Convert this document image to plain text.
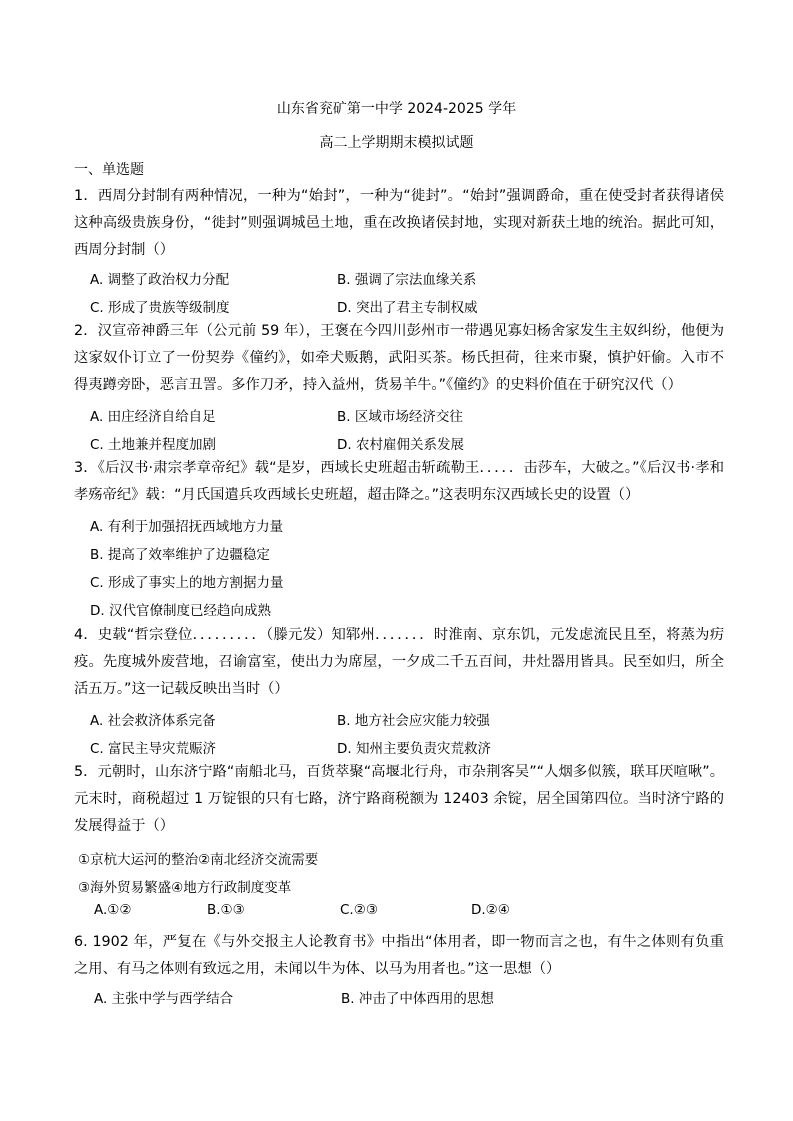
山东省兖矿第一中学 2024-2025 学年
高二上学期期末模拟试题
一、单选题
1．西周分封制有两种情况，一种为“始封”，一种为“徙封”。“始封”强调爵命，重在使受封者获得诸侯这种高级贵族身份，“徙封”则强调城邑土地，重在改换诸侯封地，实现对新获土地的统治。据此可知，西周分封制（）
A. 调整了政治权力分配	B. 强调了宗法血缘关系
C. 形成了贵族等级制度	D. 突出了君主专制权威
2．汉宣帝神爵三年（公元前 59 年），王褒在今四川彭州市一带遇见寡妇杨舍家发生主奴纠纷，他便为这家奴仆订立了一份契券《僮约》，如牵犬贩鹅，武阳买茶。杨氏担荷，往来市聚，慎护奸偷。入市不得夷蹲旁卧，恶言丑詈。多作刀矛，持入益州，货易羊牛。”《僮约》的史料价值在于研究汉代（）
A. 田庄经济自给自足	B. 区域市场经济交往
C. 土地兼并程度加剧	D. 农村雇佣关系发展
3．《后汉书·肃宗孝章帝纪》载“是岁，西域长史班超击斩疏勒王．．．．．击莎车，大破之。”《后汉书·孝和孝殇帝纪》载：“月氏国遣兵攻西域长史班超，超击降之。”这表明东汉西域长史的设置（）
A. 有利于加强招抚西域地方力量
B. 提高了效率维护了边疆稳定
C. 形成了事实上的地方割据力量
D. 汉代官僚制度已经趋向成熟
4．史载“哲宗登位．．．．．．．．．（滕元发）知郓州．．．．．．．时淮南、京东饥，元发虑流民且至，将蒸为疠疫。先度城外废营地，召谕富室，使出力为席屋，一夕成二千五百间，井灶器用皆具。民至如归，所全活五万。”这一记载反映出当时（）
A. 社会救济体系完备	B. 地方社会应灾能力较强
C. 富民主导灾荒赈济	D. 知州主要负责灾荒救济
5．元朝时，山东济宁路“南船北马，百货萃聚“高堰北行舟，市杂荆客吴”“人烟多似簇，联耳厌喧啾”。元末时，商税超过 1 万锭银的只有七路，济宁路商税额为 12403 余锭，居全国第四位。当时济宁路的发展得益于（）
①京杭大运河的整治②南北经济交流需要
③海外贸易繁盛④地方行政制度变革
A.①②	B.①③	C.②③	D.②④
6. 1902 年，严复在《与外交报主人论教育书》中指出“体用者，即一物而言之也，有牛之体则有负重之用、有马之体则有致远之用，未闻以牛为体、以马为用者也。”这一思想（）
A. 主张中学与西学结合	B. 冲击了中体西用的思想
